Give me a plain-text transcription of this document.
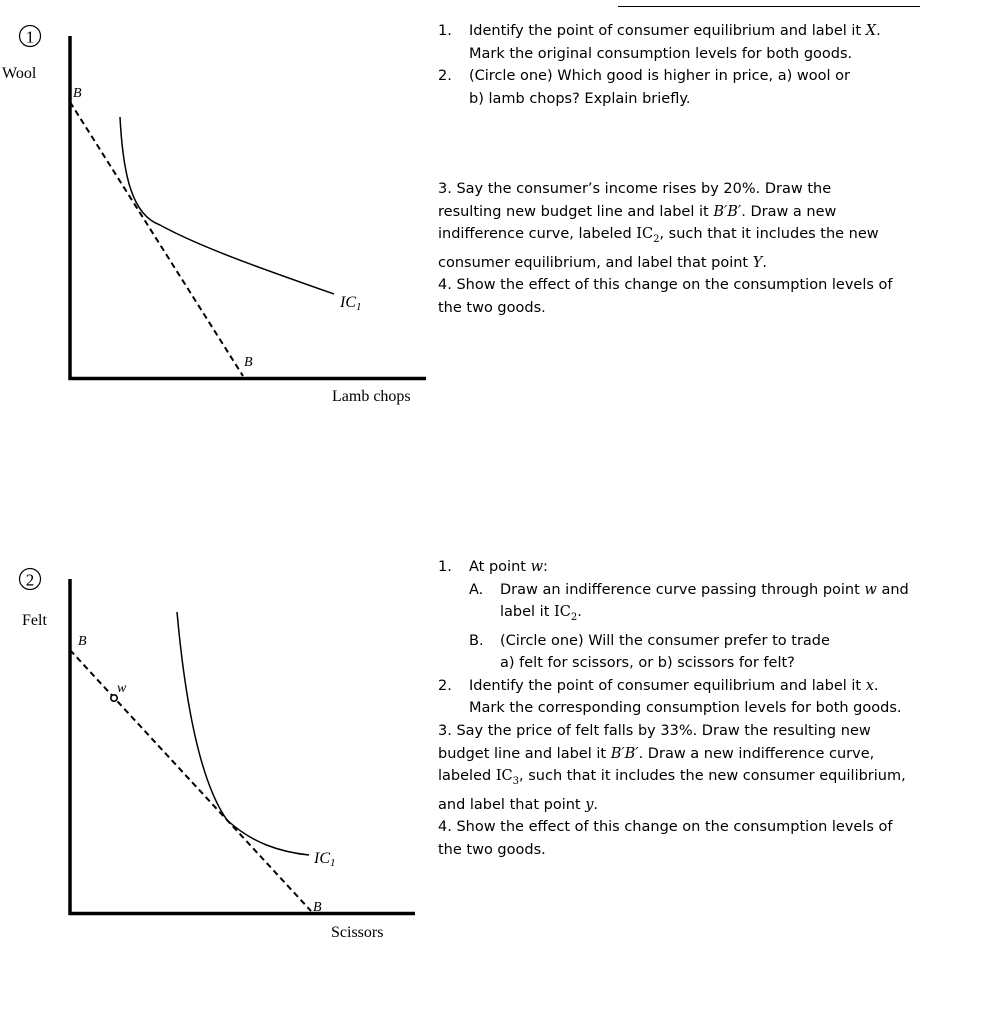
1
Wool
B
B
IC1
Lamb chops
2
Felt
w
B
B
IC1
Scissors
1. Identify the point of consumer equilibrium and label it X.
Mark the original consumption levels for both goods.
2. (Circle one) Which good is higher in price, a) wool or
b) lamb chops? Explain briefly.
3. Say the consumer’s income rises by 20%. Draw the
resulting new budget line and label it B′B′. Draw a new
indifference curve, labeled $IC_2$, such that it includes the new
consumer equilibrium, and label that point Y.
4. Show the effect of this change on the consumption levels of
the two goods.
1. At point w:
A. Draw an indifference curve passing through point w and
label it $IC_2$.
B. (Circle one) Will the consumer prefer to trade
a) felt for scissors, or b) scissors for felt?
2. Identify the point of consumer equilibrium and label it x.
Mark the corresponding consumption levels for both goods.
3. Say the price of felt falls by 33%. Draw the resulting new
budget line and label it B′B′. Draw a new indifference curve,
labeled $IC_3$, such that it includes the new consumer equilibrium,
and label that point y.
4. Show the effect of this change on the consumption levels of
the two goods.
